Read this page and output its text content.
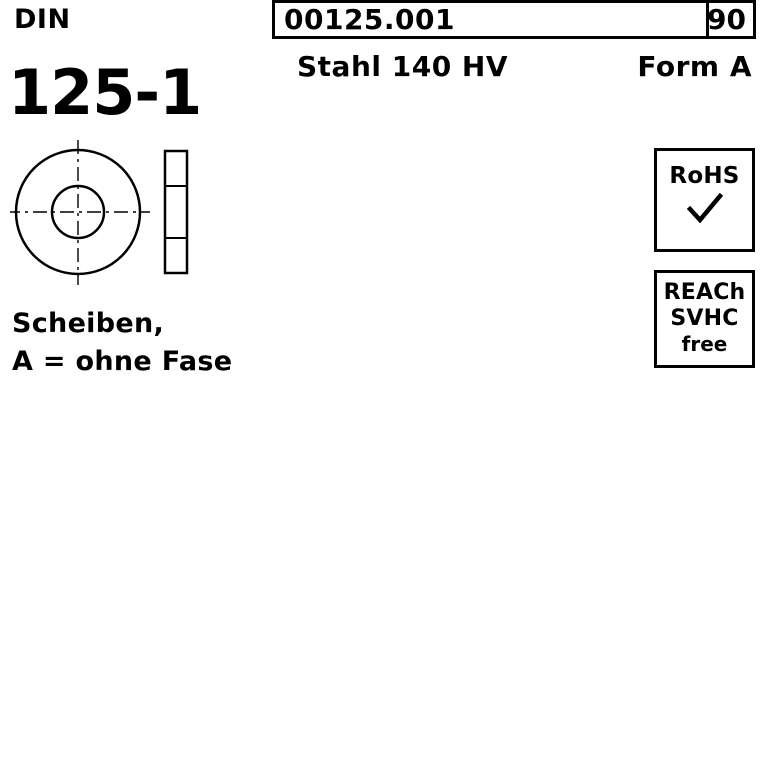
DIN
125-1
00125.001	90
Stahl 140 HV	Form A
Scheiben,
A = ohne Fase
RoHS
REACh
SVHC
free
